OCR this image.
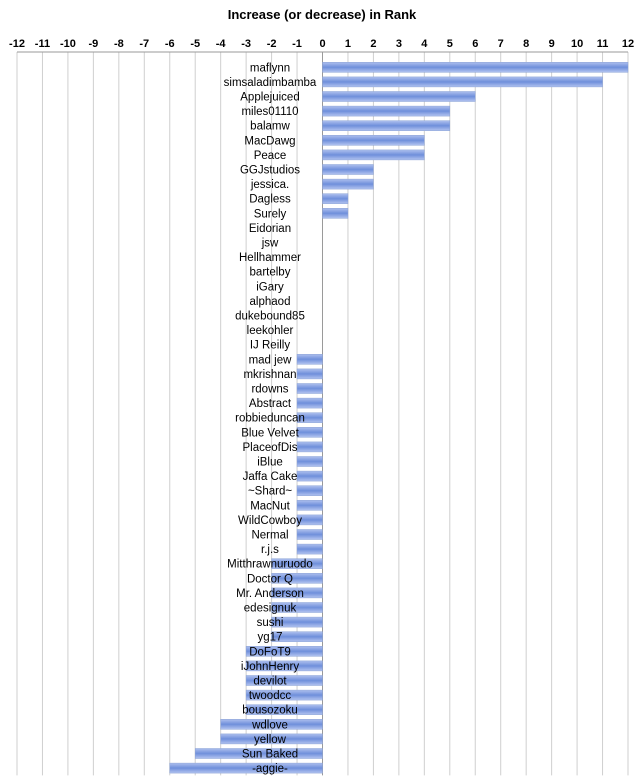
Increase (or decrease) in Rank
-12 -11 -10 -9 -8 -7 -6 -5 -4 -3 -2 -1 0 1 2 3 4 5 6 7 8 9 10 11 12
maflynn
simsaladimbamba
Applejuiced
miles01110
balamw
MacDawg
Peace
GGJstudios
jessica.
Dagless
Surely
Eidorian
jsw
Hellhammer
bartelby
iGary
alphaod
dukebound85
leekohler
IJ Reilly
mad jew
mkrishnan
rdowns
Abstract
robbieduncan
Blue Velvet
PlaceofDis
iBlue
Jaffa Cake
~Shard~
MacNut
WildCowboy
Nermal
r.j.s
Mitthrawnuruodo
Doctor Q
Mr. Anderson
edesignuk
sushi
yg17
DoFoT9
iJohnHenry
devilot
twoodcc
bousozoku
wdlove
yellow
Sun Baked
-aggie-
